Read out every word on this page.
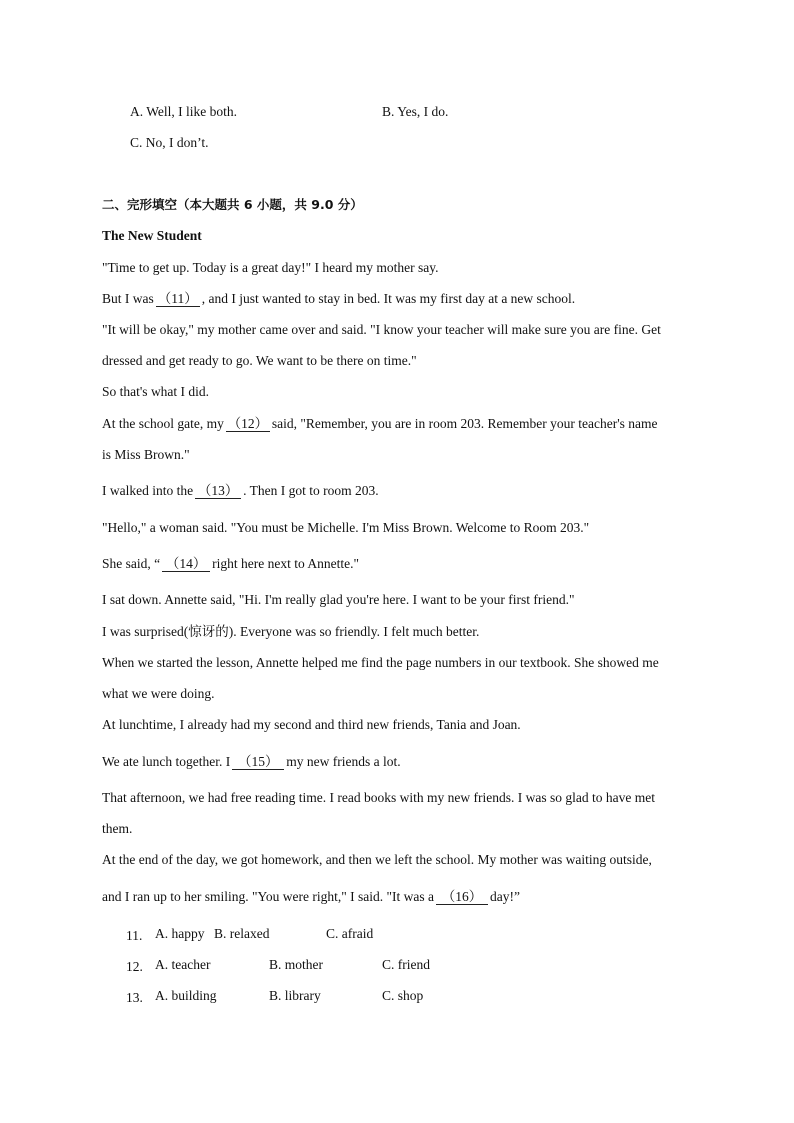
A. Well, I like both.	B. Yes, I do.
C. No, I don’t.
二、完形填空（本大题共 6 小题，共 9.0 分）
The New Student
"Time to get up. Today is a great day!" I heard my mother say.
But I was （11） , and I just wanted to stay in bed. It was my first day at a new school.
"It will be okay," my mother came over and said. "I know your teacher will make sure you are fine. Get
dressed and get ready to go. We want to be there on time."
So that's what I did.
At the school gate, my （12） said, "Remember, you are in room 203. Remember your teacher's name
is Miss Brown."
I walked into the （13） . Then I got to room 203.
"Hello," a woman said. "You must be Michelle. I'm Miss Brown. Welcome to Room 203."
She said, “ （14） right here next to Annette."
I sat down. Annette said, "Hi. I'm really glad you're here. I want to be your first friend."
I was surprised(惊讶的). Everyone was so friendly. I felt much better.
When we started the lesson, Annette helped me find the page numbers in our textbook. She showed me
what we were doing.
At lunchtime, I already had my second and third new friends, Tania and Joan.
We ate lunch together. I （15） my new friends a lot.
That afternoon, we had free reading time. I read books with my new friends. I was so glad to have met
them.
At the end of the day, we got homework, and then we left the school. My mother was waiting outside,
and I ran up to her smiling. "You were right," I said. "It was a （16） day!”
11. A. happy B. relaxed	C. afraid
12. A. teacher	B. mother	C. friend
13. A. building	B. library	C. shop
